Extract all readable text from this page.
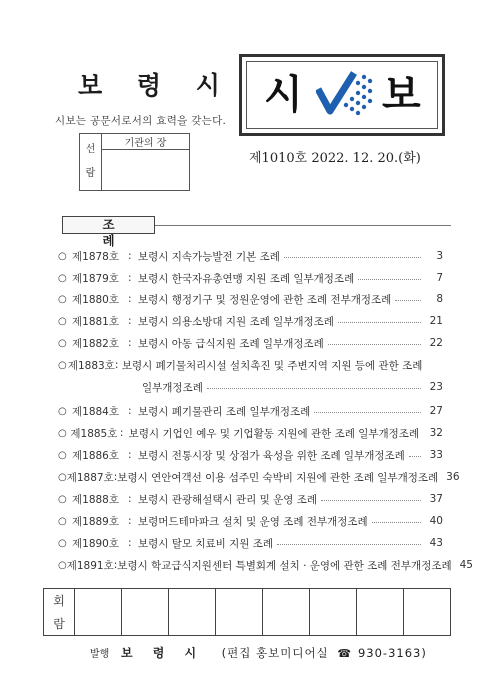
보 령 시
시보는 공문서로서의 효력을 갖는다.
선
람
	기관의 장

시 보
제1010호 2022. 12. 20.(화)
조 례
○ 제1878호 : 보령시 지속가능발전 기본 조례	3
○ 제1879호 : 보령시 한국자유총연맹 지원 조례 일부개정조례	7
○ 제1880호 : 보령시 행정기구 및 정원운영에 관한 조례 전부개정조례	8
○ 제1881호 : 보령시 의용소방대 지원 조례 일부개정조례	21
○ 제1882호 : 보령시 아동 급식지원 조례 일부개정조례	22
○ 제1883호 : 보령시 폐기물처리시설 설치촉진 및 주변지역 지원 등에 관한 조례
일부개정조례	23
○ 제1884호 : 보령시 폐기물관리 조례 일부개정조례	27
○ 제1885호 : 보령시 기업인 예우 및 기업활동 지원에 관한 조례 일부개정조례 32
○ 제1886호 : 보령시 전통시장 및 상점가 육성을 위한 조례 일부개정조례	33
○ 제1887호 : 보령시 연안여객선 이용 섬주민 숙박비 지원에 관한 조례 일부개정조례 36
○ 제1888호 : 보령시 관광해설택시 관리 및 운영 조례	37
○ 제1889호 : 보령머드테마파크 설치 및 운영 조례 전부개정조례	40
○ 제1890호 : 보령시 탈모 치료비 지원 조례	43
○ 제1891호 : 보령시 학교급식지원센터 특별회계 설치 · 운영에 관한 조례 전부개정조례 45
회
람
발행 보 령 시 (편집 홍보미디어실 ☎ 930-3163)
